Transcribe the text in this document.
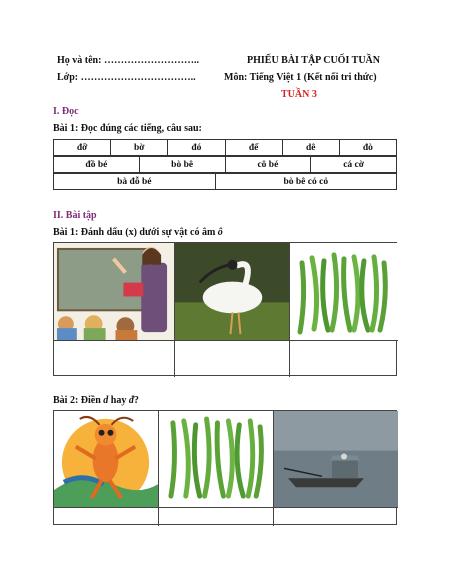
Họ và tên: ………………………..
Lớp: ……………………………..
PHIẾU BÀI TẬP CUỐI TUẦN
Môn: Tiếng Việt 1 (Kết nối tri thức)
TUẦN 3
I. Đọc
Bài 1: Đọc đúng các tiếng, câu sau:
đỡ	bờ	đó	đế	dê	đò
đồ bé	bò bê	cô bé	cá cờ
bà đỗ bé	bò bê có cỏ
II. Bài tập
Bài 1: Đánh dấu (x) dưới sự vật có âm ô
Bài 2: Điền d hay đ?
